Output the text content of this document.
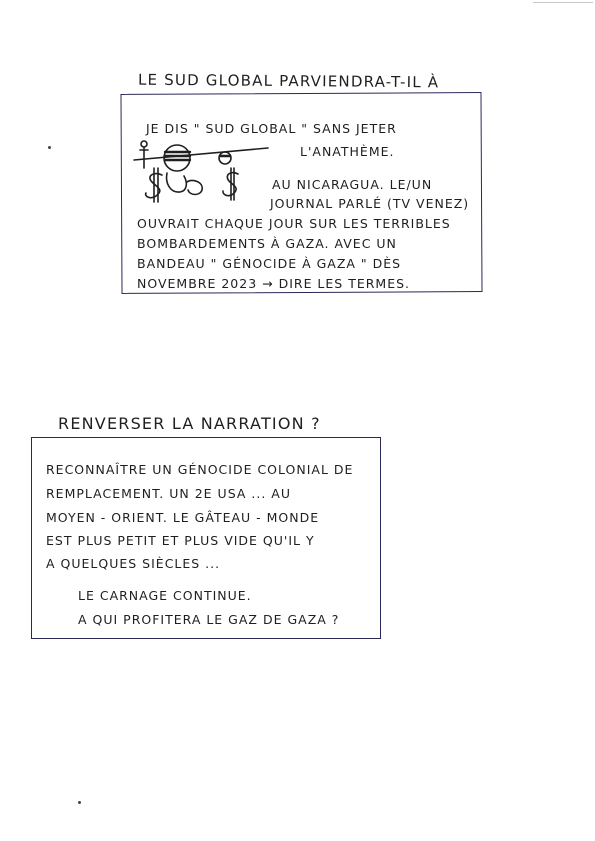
LE SUD GLOBAL PARVIENDRA-T-IL À
JE DIS " SUD GLOBAL " SANS JETER
L'ANATHÈME.
AU NICARAGUA. LE/UN
JOURNAL PARLÉ (TV VENEZ)
OUVRAIT CHAQUE JOUR SUR LES TERRIBLES
BOMBARDEMENTS À GAZA. AVEC UN
BANDEAU " GÉNOCIDE À GAZA " DÈS
NOVEMBRE 2023 → DIRE LES TERMES.
RENVERSER LA NARRATION ?
RECONNAÎTRE UN GÉNOCIDE COLONIAL DE
REMPLACEMENT. UN 2E USA ... AU
MOYEN - ORIENT. LE GÂTEAU - MONDE
EST PLUS PETIT ET PLUS VIDE QU'IL Y
A QUELQUES SIÈCLES ...
LE CARNAGE CONTINUE.
A QUI PROFITERA LE GAZ DE GAZA ?
